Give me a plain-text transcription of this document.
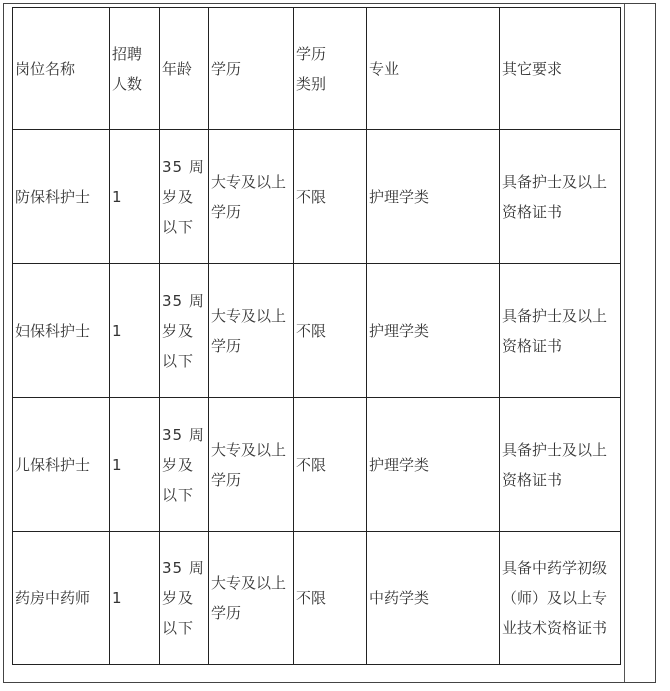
岗位名称	招聘人数	年龄	学历	学历类别	专业	其它要求

防保科护士	1	35 周岁及以下	大专及以上学历	不限	护理学类	具备护士及以上资格证书

妇保科护士	1	35 周岁及以下	大专及以上学历	不限	护理学类	具备护士及以上资格证书

儿保科护士	1	35 周岁及以下	大专及以上学历	不限	护理学类	具备护士及以上资格证书

药房中药师	1	35 周岁及以下	大专及以上学历	不限	中药学类	具备中药学初级（师）及以上专业技术资格证书
